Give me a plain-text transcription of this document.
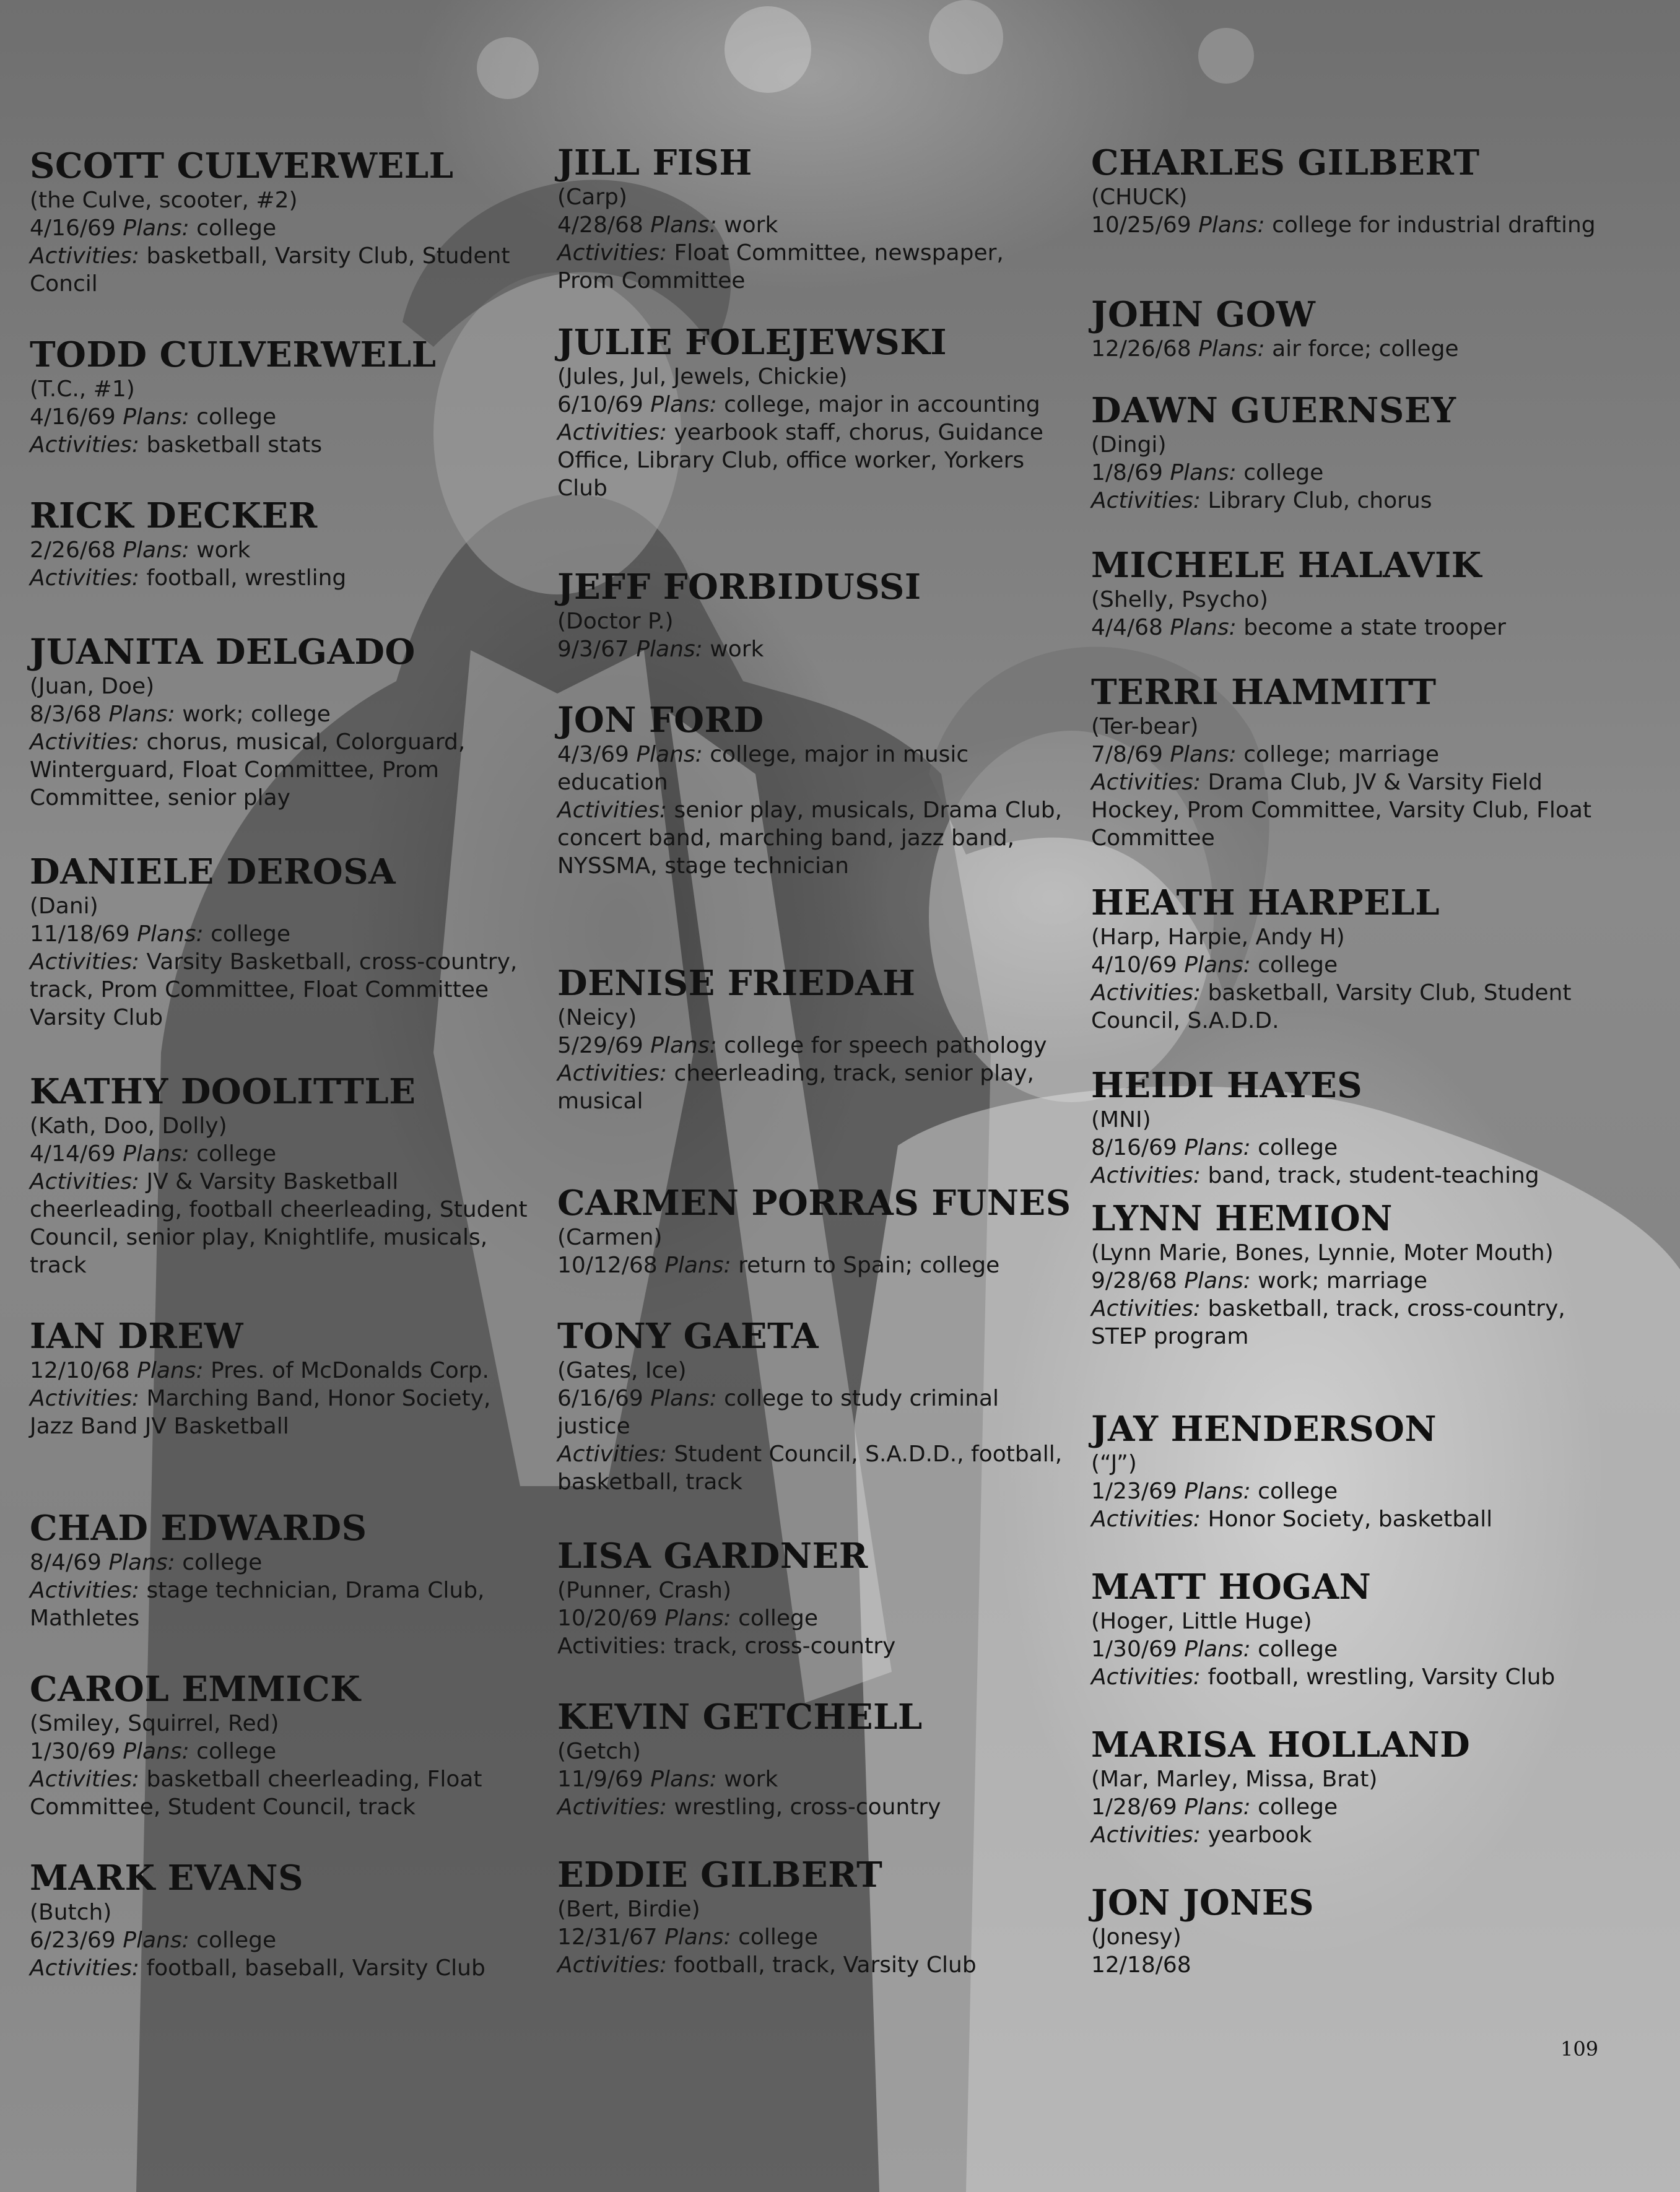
SCOTT CULVERWELL
(the Culve, scooter, #2)
4/16/69 Plans: college
Activities: basketball, Varsity Club, Student Concil
TODD CULVERWELL
(T.C., #1)
4/16/69 Plans: college
Activities: basketball stats
RICK DECKER
2/26/68 Plans: work
Activities: football, wrestling
JUANITA DELGADO
(Juan, Doe)
8/3/68 Plans: work; college
Activities: chorus, musical, Colorguard, Winterguard, Float Committee, Prom Committee, senior play
DANIELE DEROSA
(Dani)
11/18/69 Plans: college
Activities: Varsity Basketball, cross-country, track, Prom Committee, Float Committee Varsity Club
KATHY DOOLITTLE
(Kath, Doo, Dolly)
4/14/69 Plans: college
Activities: JV & Varsity Basketball cheerleading, football cheerleading, Student Council, senior play, Knightlife, musicals, track
IAN DREW
12/10/68 Plans: Pres. of McDonalds Corp.
Activities: Marching Band, Honor Society, Jazz Band JV Basketball
CHAD EDWARDS
8/4/69 Plans: college
Activities: stage technician, Drama Club, Mathletes
CAROL EMMICK
(Smiley, Squirrel, Red)
1/30/69 Plans: college
Activities: basketball cheerleading, Float Committee, Student Council, track
MARK EVANS
(Butch)
6/23/69 Plans: college
Activities: football, baseball, Varsity Club
JILL FISH
(Carp)
4/28/68 Plans: work
Activities: Float Committee, newspaper, Prom Committee
JULIE FOLEJEWSKI
(Jules, Jul, Jewels, Chickie)
6/10/69 Plans: college, major in accounting
Activities: yearbook staff, chorus, Guidance Office, Library Club, office worker, Yorkers Club
JEFF FORBIDUSSI
(Doctor P.)
9/3/67 Plans: work
JON FORD
4/3/69 Plans: college, major in music education
Activities: senior play, musicals, Drama Club, concert band, marching band, jazz band, NYSSMA, stage technician
DENISE FRIEDAH
(Neicy)
5/29/69 Plans: college for speech pathology
Activities: cheerleading, track, senior play, musical
CARMEN PORRAS FUNES
(Carmen)
10/12/68 Plans: return to Spain; college
TONY GAETA
(Gates, Ice)
6/16/69 Plans: college to study criminal justice
Activities: Student Council, S.A.D.D., football, basketball, track
LISA GARDNER
(Punner, Crash)
10/20/69 Plans: college
Activities: track, cross-country
KEVIN GETCHELL
(Getch)
11/9/69 Plans: work
Activities: wrestling, cross-country
EDDIE GILBERT
(Bert, Birdie)
12/31/67 Plans: college
Activities: football, track, Varsity Club
CHARLES GILBERT
(CHUCK)
10/25/69 Plans: college for industrial drafting
JOHN GOW
12/26/68 Plans: air force; college
DAWN GUERNSEY
(Dingi)
1/8/69 Plans: college
Activities: Library Club, chorus
MICHELE HALAVIK
(Shelly, Psycho)
4/4/68 Plans: become a state trooper
TERRI HAMMITT
(Ter-bear)
7/8/69 Plans: college; marriage
Activities: Drama Club, JV & Varsity Field Hockey, Prom Committee, Varsity Club, Float Committee
HEATH HARPELL
(Harp, Harpie, Andy H)
4/10/69 Plans: college
Activities: basketball, Varsity Club, Student Council, S.A.D.D.
HEIDI HAYES
(MNI)
8/16/69 Plans: college
Activities: band, track, student-teaching
LYNN HEMION
(Lynn Marie, Bones, Lynnie, Moter Mouth)
9/28/68 Plans: work; marriage
Activities: basketball, track, cross-country, STEP program
JAY HENDERSON
(“J”)
1/23/69 Plans: college
Activities: Honor Society, basketball
MATT HOGAN
(Hoger, Little Huge)
1/30/69 Plans: college
Activities: football, wrestling, Varsity Club
MARISA HOLLAND
(Mar, Marley, Missa, Brat)
1/28/69 Plans: college
Activities: yearbook
JON JONES
(Jonesy)
12/18/68
109
